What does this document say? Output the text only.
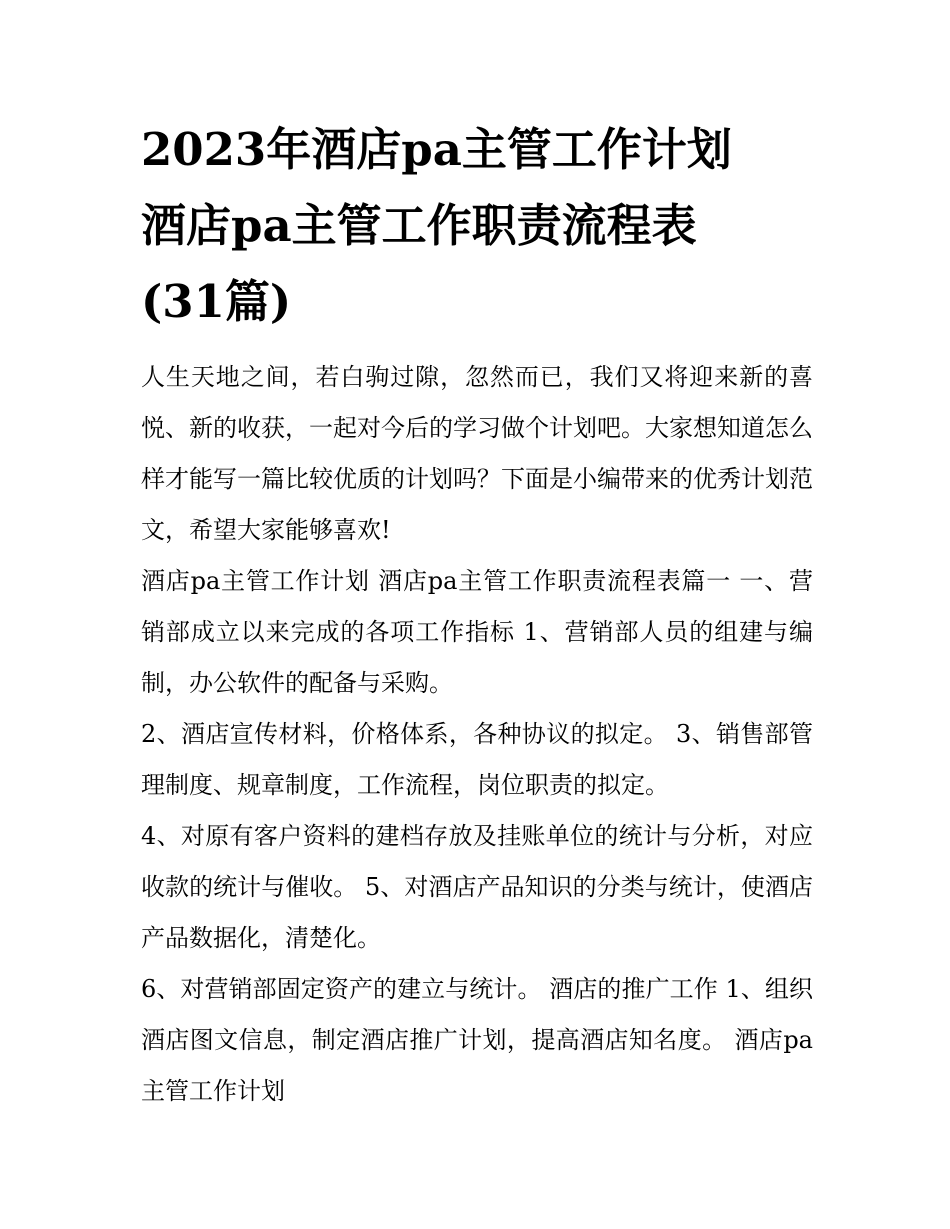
2023年酒店pa主管工作计划
酒店pa主管工作职责流程表
(31篇)

人生天地之间，若白驹过隙，忽然而已，我们又将迎来新的喜悦、新的收获，一起对今后的学习做个计划吧。大家想知道怎么样才能写一篇比较优质的计划吗？下面是小编带来的优秀计划范文，希望大家能够喜欢!

酒店pa主管工作计划 酒店pa主管工作职责流程表篇一 一、营销部成立以来完成的各项工作指标 1、营销部人员的组建与编制，办公软件的配备与采购。

2、酒店宣传材料，价格体系，各种协议的拟定。 3、销售部管理制度、规章制度，工作流程，岗位职责的拟定。

4、对原有客户资料的建档存放及挂账单位的统计与分析，对应收款的统计与催收。 5、对酒店产品知识的分类与统计，使酒店产品数据化，清楚化。

6、对营销部固定资产的建立与统计。 酒店的推广工作 1、组织酒店图文信息，制定酒店推广计划，提高酒店知名度。 酒店pa主管工作计划
